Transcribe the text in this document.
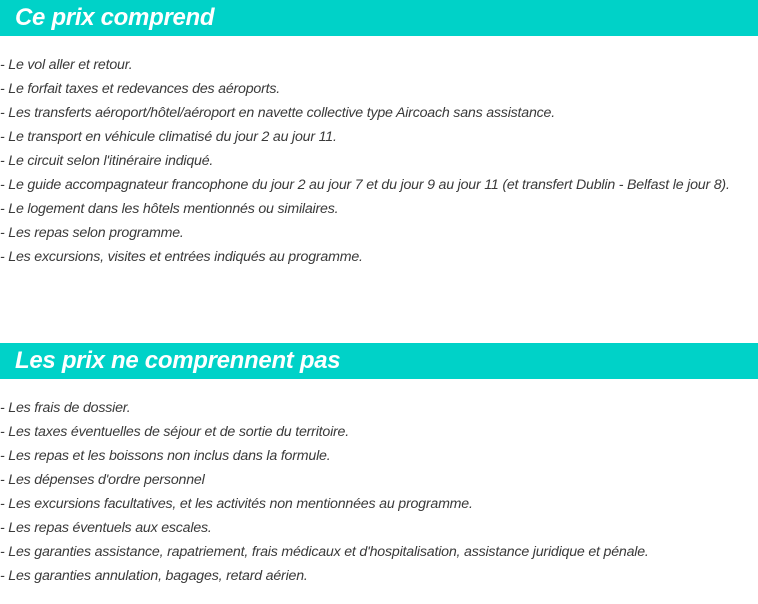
Ce prix comprend
- Le vol aller et retour.
- Le forfait taxes et redevances des aéroports.
- Les transferts aéroport/hôtel/aéroport en navette collective type Aircoach sans assistance.
- Le transport en véhicule climatisé du jour 2 au jour 11.
- Le circuit selon l'itinéraire indiqué.
- Le guide accompagnateur francophone du jour 2 au jour 7 et du jour 9 au jour 11 (et transfert Dublin - Belfast le jour 8).
- Le logement dans les hôtels mentionnés ou similaires.
- Les repas selon programme.
- Les excursions, visites et entrées indiqués au programme.
Les prix ne comprennent pas
- Les frais de dossier.
- Les taxes éventuelles de séjour et de sortie du territoire.
- Les repas et les boissons non inclus dans la formule.
- Les dépenses d'ordre personnel
- Les excursions facultatives, et les activités non mentionnées au programme.
- Les repas éventuels aux escales.
- Les garanties assistance, rapatriement, frais médicaux et d'hospitalisation, assistance juridique et pénale.
- Les garanties annulation, bagages, retard aérien.
